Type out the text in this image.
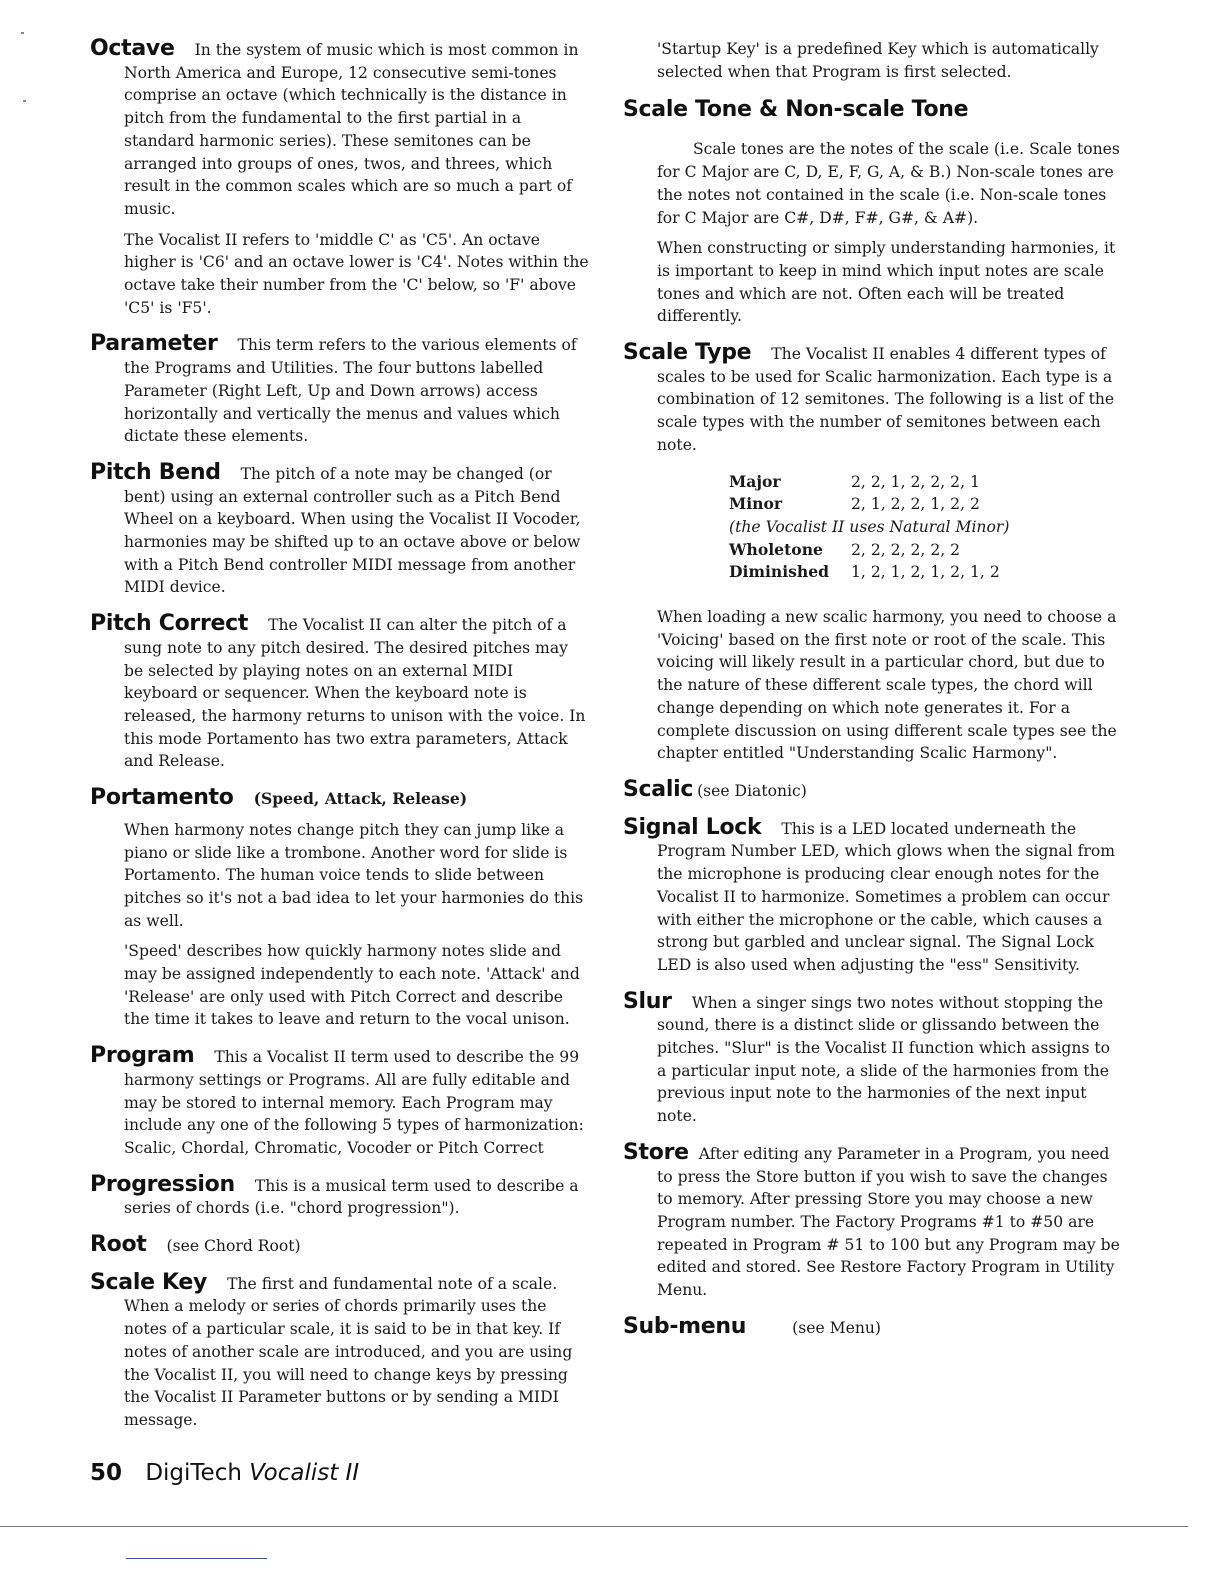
Octave In the system of music which is most common in North America and Europe, 12 consecutive semi-tones comprise an octave (which technically is the distance in pitch from the fundamental to the first partial in a standard harmonic series). These semitones can be arranged into groups of ones, twos, and threes, which result in the common scales which are so much a part of music.

The Vocalist II refers to 'middle C' as 'C5'. An octave higher is 'C6' and an octave lower is 'C4'. Notes within the octave take their number from the 'C' below, so 'F' above 'C5' is 'F5'.

Parameter This term refers to the various elements of the Programs and Utilities. The four buttons labelled Parameter (Right Left, Up and Down arrows) access horizontally and vertically the menus and values which dictate these elements.

Pitch Bend The pitch of a note may be changed (or bent) using an external controller such as a Pitch Bend Wheel on a keyboard. When using the Vocalist II Vocoder, harmonies may be shifted up to an octave above or below with a Pitch Bend controller MIDI message from another MIDI device.

Pitch Correct The Vocalist II can alter the pitch of a sung note to any pitch desired. The desired pitches may be selected by playing notes on an external MIDI keyboard or sequencer. When the keyboard note is released, the harmony returns to unison with the voice. In this mode Portamento has two extra parameters, Attack and Release.

Portamento (Speed, Attack, Release)

When harmony notes change pitch they can jump like a piano or slide like a trombone. Another word for slide is Portamento. The human voice tends to slide between pitches so it's not a bad idea to let your harmonies do this as well.

'Speed' describes how quickly harmony notes slide and may be assigned independently to each note. 'Attack' and 'Release' are only used with Pitch Correct and describe the time it takes to leave and return to the vocal unison.

Program This a Vocalist II term used to describe the 99 harmony settings or Programs. All are fully editable and may be stored to internal memory. Each Program may include any one of the following 5 types of harmonization: Scalic, Chordal, Chromatic, Vocoder or Pitch Correct

Progression This is a musical term used to describe a series of chords (i.e. "chord progression").

Root (see Chord Root)

Scale Key The first and fundamental note of a scale. When a melody or series of chords primarily uses the notes of a particular scale, it is said to be in that key. If notes of another scale are introduced, and you are using the Vocalist II, you will need to change keys by pressing the Vocalist II Parameter buttons or by sending a MIDI message.

'Startup Key' is a predefined Key which is automatically selected when that Program is first selected.

Scale Tone & Non-scale Tone

Scale tones are the notes of the scale (i.e. Scale tones for C Major are C, D, E, F, G, A, & B.) Non-scale tones are the notes not contained in the scale (i.e. Non-scale tones for C Major are C#, D#, F#, G#, & A#).

When constructing or simply understanding harmonies, it is important to keep in mind which input notes are scale tones and which are not. Often each will be treated differently.

Scale Type The Vocalist II enables 4 different types of scales to be used for Scalic harmonization. Each type is a combination of 12 semitones. The following is a list of the scale types with the number of semitones between each note.

Major	2, 2, 1, 2, 2, 2, 1
Minor	2, 1, 2, 2, 1, 2, 2
(the Vocalist II uses Natural Minor)
Wholetone	2, 2, 2, 2, 2, 2
Diminished	1, 2, 1, 2, 1, 2, 1, 2

When loading a new scalic harmony, you need to choose a 'Voicing' based on the first note or root of the scale. This voicing will likely result in a particular chord, but due to the nature of these different scale types, the chord will change depending on which note generates it. For a complete discussion on using different scale types see the chapter entitled "Understanding Scalic Harmony".

Scalic (see Diatonic)

Signal Lock This is a LED located underneath the Program Number LED, which glows when the signal from the microphone is producing clear enough notes for the Vocalist II to harmonize. Sometimes a problem can occur with either the microphone or the cable, which causes a strong but garbled and unclear signal. The Signal Lock LED is also used when adjusting the "ess" Sensitivity.

Slur When a singer sings two notes without stopping the sound, there is a distinct slide or glissando between the pitches. "Slur" is the Vocalist II function which assigns to a particular input note, a slide of the harmonies from the previous input note to the harmonies of the next input note.

Store After editing any Parameter in a Program, you need to press the Store button if you wish to save the changes to memory. After pressing Store you may choose a new Program number. The Factory Programs #1 to #50 are repeated in Program # 51 to 100 but any Program may be edited and stored. See Restore Factory Program in Utility Menu.

Sub-menu	(see Menu)

50 DigiTech Vocalist II
